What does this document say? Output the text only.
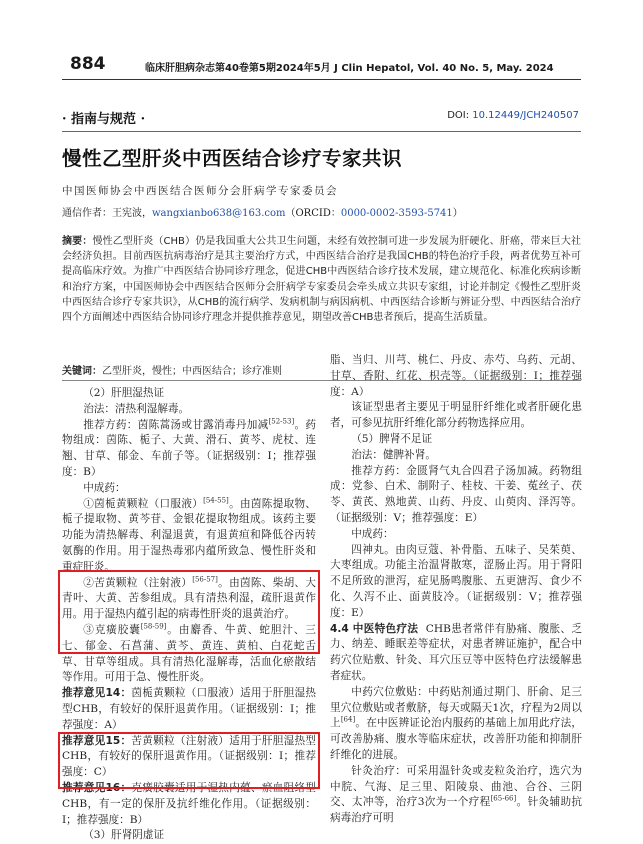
884	临床肝胆病杂志第40卷第5期2024年5月 J Clin Hepatol, Vol. 40 No. 5, May. 2024
· 指南与规范 ·	DOI: 10.12449/JCH240507
慢性乙型肝炎中西医结合诊疗专家共识
中国医师协会中西医结合医师分会肝病学专家委员会
通信作者：王宪波，wangxianbo638@163.com（ORCID：0000-0002-3593-5741）
摘要：慢性乙型肝炎（CHB）仍是我国重大公共卫生问题，未经有效控制可进一步发展为肝硬化、肝癌，带来巨大社会经济负担。目前西医抗病毒治疗是其主要治疗方式，中西医结合治疗是我国CHB的特色治疗手段，两者优势互补可提高临床疗效。为推广中西医结合协同诊疗理念，促进CHB中西医结合诊疗技术发展，建立规范化、标准化疾病诊断和治疗方案，中国医师协会中西医结合医师分会肝病学专家委员会牵头成立共识专家组，讨论并制定《慢性乙型肝炎中西医结合诊疗专家共识》，从CHB的流行病学、发病机制与病因病机、中西医结合诊断与辨证分型、中西医结合治疗四个方面阐述中西医结合协同诊疗理念并提供推荐意见，期望改善CHB患者预后，提高生活质量。
关键词：乙型肝炎，慢性；中西医结合；诊疗准则

（2）肝胆湿热证

治法：清热利湿解毒。

推荐方药：茵陈蒿汤或甘露消毒丹加减[52-53]。药物组成：茵陈、栀子、大黄、滑石、黄芩、虎杖、连翘、甘草、郁金、车前子等。（证据级别：Ⅰ；推荐强度：B）

中成药：

①茵栀黄颗粒（口服液）[54-55]。由茵陈提取物、栀子提取物、黄芩苷、金银花提取物组成。该药主要功能为清热解毒、利湿退黄，有退黄疸和降低谷丙转氨酶的作用。用于湿热毒邪内蕴所致急、慢性肝炎和重症肝炎。

②苦黄颗粒（注射液）[56-57]。由茵陈、柴胡、大青叶、大黄、苦参组成。具有清热利湿，疏肝退黄作用。用于湿热内蕴引起的病毒性肝炎的退黄治疗。

③克癀胶囊[58-59]。由麝香、牛黄、蛇胆汁、三七、郁金、石菖蒲、黄芩、黄连、黄柏、白花蛇舌草、甘草等组成。具有清热化湿解毒，活血化瘀散结等作用。可用于急、慢性肝炎。

推荐意见14：茵栀黄颗粒（口服液）适用于肝胆湿热型CHB，有较好的保肝退黄作用。（证据级别：Ⅰ；推荐强度：A）

推荐意见15：苦黄颗粒（注射液）适用于肝胆湿热型CHB，有较好的保肝退黄作用。（证据级别：Ⅰ；推荐强度：C）

推荐意见16：克癀胶囊适用于湿热内蕴、瘀血阻络型CHB，有一定的保肝及抗纤维化作用。（证据级别：Ⅰ；推荐强度：B）

（3）肝肾阴虚证

脂、当归、川芎、桃仁、丹皮、赤芍、乌药、元胡、甘草、香附、红花、枳壳等。（证据级别：Ⅰ；推荐强度：A）

该证型患者主要见于明显肝纤维化或者肝硬化患者，可参见抗肝纤维化部分药物选择应用。

（5）脾肾不足证

治法：健脾补肾。

推荐方药：金匮肾气丸合四君子汤加减。药物组成：党参、白术、制附子、桂枝、干姜、菟丝子、茯苓、黄芪、熟地黄、山药、丹皮、山萸肉、泽泻等。（证据级别：Ⅴ；推荐强度：E）

中成药：

四神丸。由肉豆蔻、补骨脂、五味子、吴茱萸、大枣组成。功能主治温肾散寒，涩肠止泻。用于肾阳不足所致的泄泻，症见肠鸣腹胀、五更溏泻、食少不化、久泻不止、面黄肢冷。（证据级别：Ⅴ；推荐强度：E）

4.4 中医特色疗法 CHB患者常伴有胁痛、腹胀、乏力、纳差、睡眠差等症状，对患者辨证施护，配合中药穴位贴敷、针灸、耳穴压豆等中医特色疗法缓解患者症状。

中药穴位敷贴：中药贴剂通过期门、肝俞、足三里穴位敷贴或者敷脐，每天或隔天1次，疗程为2周以上[64]。在中医辨证论治内服药的基础上加用此疗法，可改善胁痛、腹水等临床症状，改善肝功能和抑制肝纤维化的进展。

针灸治疗：可采用温针灸或麦粒灸治疗，选穴为中脘、气海、足三里、阳陵泉、曲池、合谷、三阴交、太冲等，治疗3次为一个疗程[65-66]。针灸辅助抗病毒治疗可明
